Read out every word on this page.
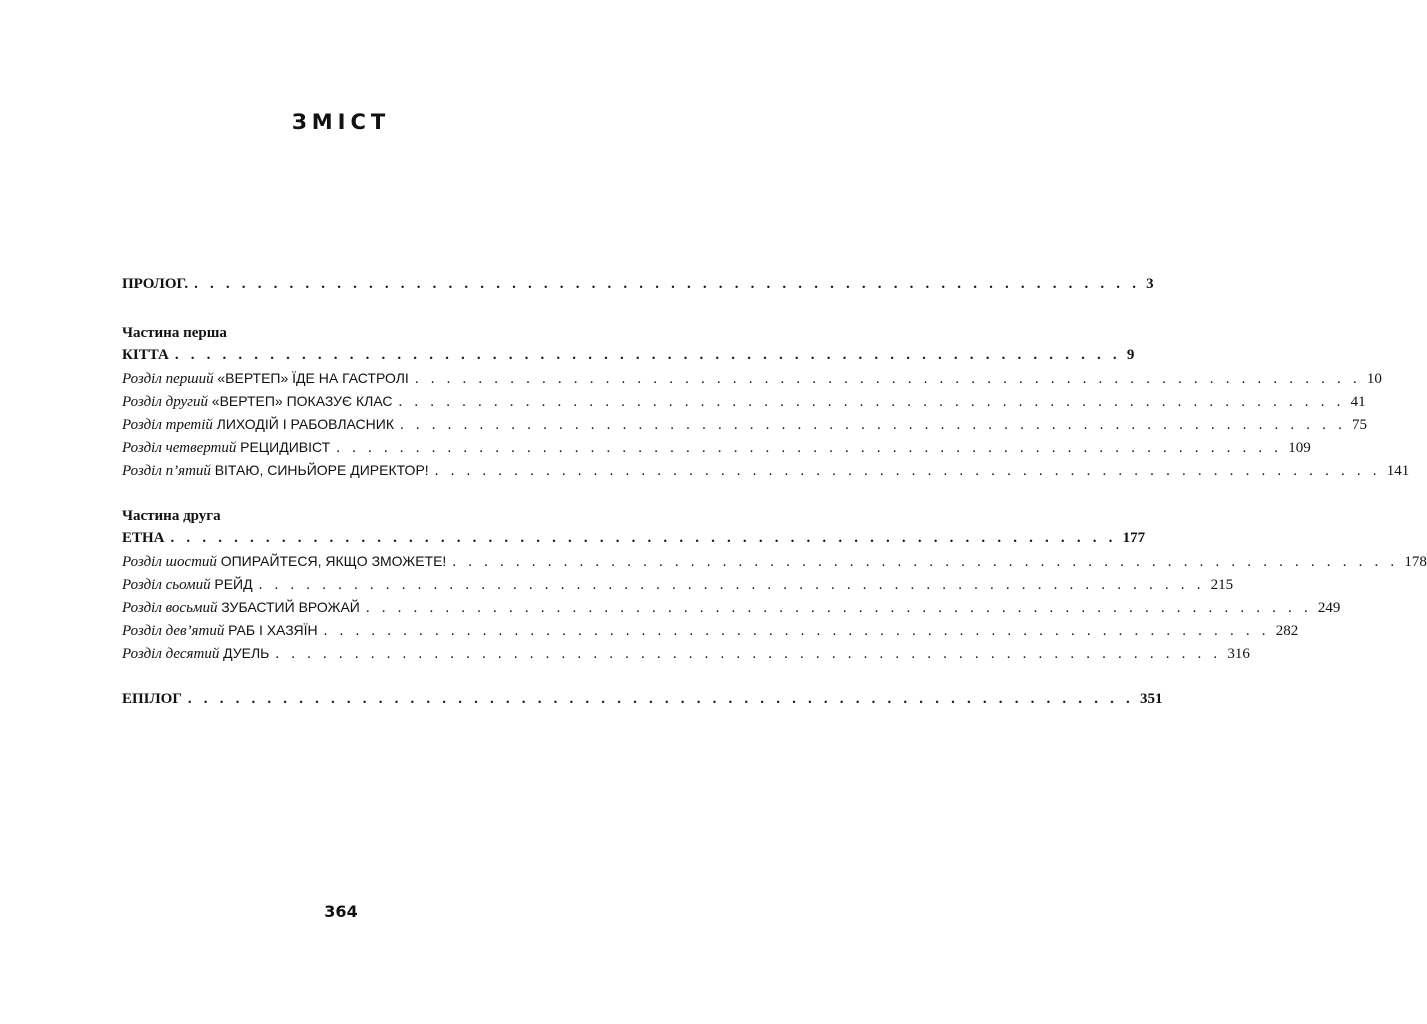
ЗМІСТ
ПРОЛОГ. . . . . . . . . . . . . . . . . . . . . . . . . . . . . . . . . . . . . . . . . . . . . . . . . . . . . . . . . . . . . 3
Частина перша
КІТТА . . . . . . . . . . . . . . . . . . . . . . . . . . . . . . . . . . . . . . . . . . . . . . . . . . . . . . . . . . . . 9
Розділ перший «ВЕРТЕП» ЇДЕ НА ГАСТРОЛІ . . . . . . . . . . . . . . . . . . . . . . . . . . . . . . . . . . . . . . . . . . . . . . . . . . . . . . . . . . . . 10
Розділ другий «ВЕРТЕП» ПОКАЗУЄ КЛАС . . . . . . . . . . . . . . . . . . . . . . . . . . . . . . . . . . . . . . . . . . . . . . . . . . . . . . . . . . . . 41
Розділ третій ЛИХОДІЙ І РАБОВЛАСНИК . . . . . . . . . . . . . . . . . . . . . . . . . . . . . . . . . . . . . . . . . . . . . . . . . . . . . . . . . . . . 75
Розділ четвертий РЕЦИДИВІСТ . . . . . . . . . . . . . . . . . . . . . . . . . . . . . . . . . . . . . . . . . . . . . . . . . . . . . . . . . . . . 109
Розділ п’ятий ВІТАЮ, СИНЬЙОРЕ ДИРЕКТОР! . . . . . . . . . . . . . . . . . . . . . . . . . . . . . . . . . . . . . . . . . . . . . . . . . . . . . . . . . . . . 141
Частина друга
ЕТНА . . . . . . . . . . . . . . . . . . . . . . . . . . . . . . . . . . . . . . . . . . . . . . . . . . . . . . . . . . . . 177
Розділ шостий ОПИРАЙТЕСЯ, ЯКЩО ЗМОЖЕТЕ! . . . . . . . . . . . . . . . . . . . . . . . . . . . . . . . . . . . . . . . . . . . . . . . . . . . . . . . . . . . . 178
Розділ сьомий РЕЙД . . . . . . . . . . . . . . . . . . . . . . . . . . . . . . . . . . . . . . . . . . . . . . . . . . . . . . . . . . . . 215
Розділ восьмий ЗУБАСТИЙ ВРОЖАЙ . . . . . . . . . . . . . . . . . . . . . . . . . . . . . . . . . . . . . . . . . . . . . . . . . . . . . . . . . . . . 249
Розділ дев’ятий РАБ І ХАЗЯЇН . . . . . . . . . . . . . . . . . . . . . . . . . . . . . . . . . . . . . . . . . . . . . . . . . . . . . . . . . . . . 282
Розділ десятий ДУЕЛЬ . . . . . . . . . . . . . . . . . . . . . . . . . . . . . . . . . . . . . . . . . . . . . . . . . . . . . . . . . . . . 316
ЕПІЛОГ . . . . . . . . . . . . . . . . . . . . . . . . . . . . . . . . . . . . . . . . . . . . . . . . . . . . . . . . . . . . 351
364
